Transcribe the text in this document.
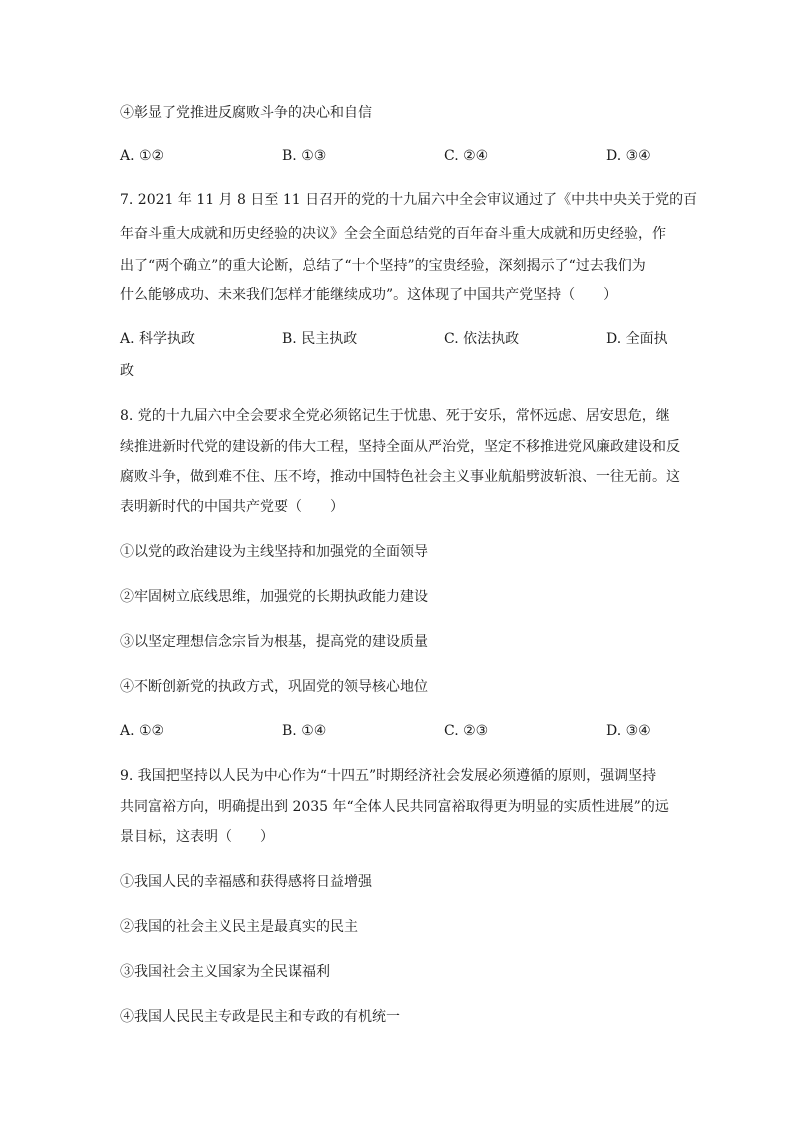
④彰显了党推进反腐败斗争的决心和自信
A. ①②	B. ①③	C. ②④	D. ③④
7. 2021 年 11 月 8 日至 11 日召开的党的十九届六中全会审议通过了《中共中央关于党的百
年奋斗重大成就和历史经验的决议》全会全面总结党的百年奋斗重大成就和历史经验，作
出了“两个确立”的重大论断，总结了“十个坚持”的宝贵经验，深刻揭示了“过去我们为
什么能够成功、未来我们怎样才能继续成功”。这体现了中国共产党坚持（　　）
A. 科学执政	B. 民主执政	C. 依法执政	D. 全面执
政
8. 党的十九届六中全会要求全党必须铭记生于忧患、死于安乐，常怀远虑、居安思危，继
续推进新时代党的建设新的伟大工程，坚持全面从严治党，坚定不移推进党风廉政建设和反
腐败斗争，做到难不住、压不垮，推动中国特色社会主义事业航船劈波斩浪、一往无前。这
表明新时代的中国共产党要（　　）
①以党的政治建设为主线坚持和加强党的全面领导
②牢固树立底线思维，加强党的长期执政能力建设
③以坚定理想信念宗旨为根基，提高党的建设质量
④不断创新党的执政方式，巩固党的领导核心地位
A. ①②	B. ①④	C. ②③	D. ③④
9. 我国把坚持以人民为中心作为“十四五”时期经济社会发展必须遵循的原则，强调坚持
共同富裕方向，明确提出到 2035 年“全体人民共同富裕取得更为明显的实质性进展”的远
景目标，这表明（　　）
①我国人民的幸福感和获得感将日益增强
②我国的社会主义民主是最真实的民主
③我国社会主义国家为全民谋福利
④我国人民民主专政是民主和专政的有机统一
